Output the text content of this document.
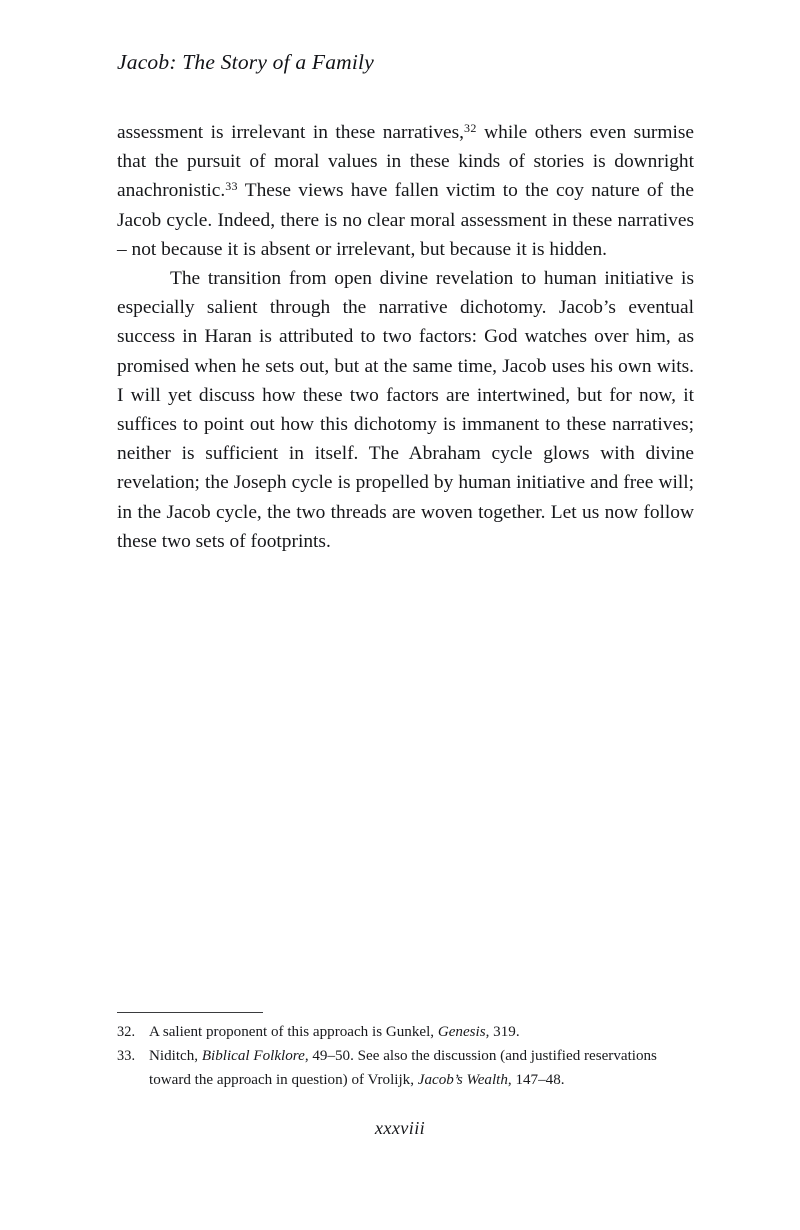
Jacob: The Story of a Family

assessment is irrelevant in these narratives,$^{32}$ while others even surmise that the pursuit of moral values in these kinds of stories is downright anachronistic.$^{33}$ These views have fallen victim to the coy nature of the Jacob cycle. Indeed, there is no clear moral assessment in these narratives – not because it is absent or irrelevant, but because it is hidden.

The transition from open divine revelation to human initiative is especially salient through the narrative dichotomy. Jacob’s eventual success in Haran is attributed to two factors: God watches over him, as promised when he sets out, but at the same time, Jacob uses his own wits. I will yet discuss how these two factors are intertwined, but for now, it suffices to point out how this dichotomy is immanent to these narratives; neither is sufficient in itself. The Abraham cycle glows with divine revelation; the Joseph cycle is propelled by human initiative and free will; in the Jacob cycle, the two threads are woven together. Let us now follow these two sets of footprints.

32. A salient proponent of this approach is Gunkel, Genesis, 319.
33. Niditch, Biblical Folklore, 49–50. See also the discussion (and justified reservations toward the approach in question) of Vrolijk, Jacob’s Wealth, 147–48.
xxxviii
